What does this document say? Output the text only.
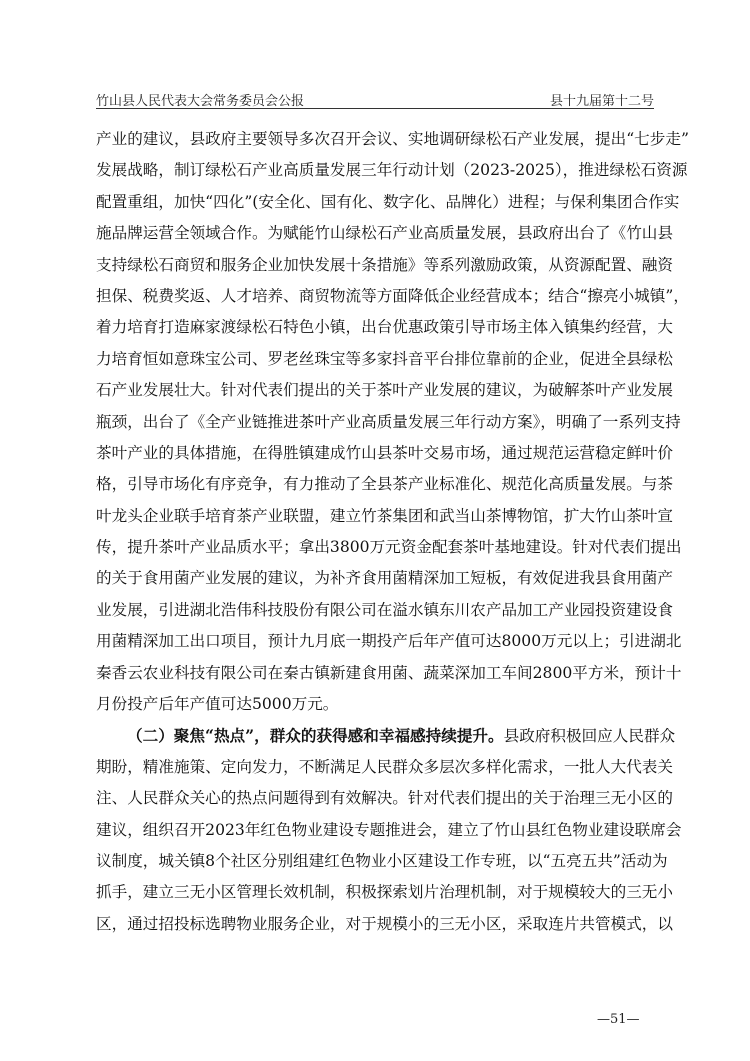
竹山县人民代表大会常务委员会公报	县十九届第十二号
产业的建议，县政府主要领导多次召开会议、实地调研绿松石产业发展，提出“七步走”
发展战略，制订绿松石产业高质量发展三年行动计划（2023-2025），推进绿松石资源
配置重组，加快“四化”(安全化、国有化、数字化、品牌化）进程；与保利集团合作实
施品牌运营全领域合作。为赋能竹山绿松石产业高质量发展，县政府出台了《竹山县
支持绿松石商贸和服务企业加快发展十条措施》等系列激励政策，从资源配置、融资
担保、税费奖返、人才培养、商贸物流等方面降低企业经营成本；结合“擦亮小城镇”，
着力培育打造麻家渡绿松石特色小镇，出台优惠政策引导市场主体入镇集约经营，大
力培育恒如意珠宝公司、罗老丝珠宝等多家抖音平台排位靠前的企业，促进全县绿松
石产业发展壮大。针对代表们提出的关于茶叶产业发展的建议，为破解茶叶产业发展
瓶颈，出台了《全产业链推进茶叶产业高质量发展三年行动方案》，明确了一系列支持
茶叶产业的具体措施，在得胜镇建成竹山县茶叶交易市场，通过规范运营稳定鲜叶价
格，引导市场化有序竞争，有力推动了全县茶产业标准化、规范化高质量发展。与茶
叶龙头企业联手培育茶产业联盟，建立竹茶集团和武当山茶博物馆，扩大竹山茶叶宣
传，提升茶叶产业品质水平；拿出3800万元资金配套茶叶基地建设。针对代表们提出
的关于食用菌产业发展的建议，为补齐食用菌精深加工短板，有效促进我县食用菌产
业发展，引进湖北浩伟科技股份有限公司在溢水镇东川农产品加工产业园投资建设食
用菌精深加工出口项目，预计九月底一期投产后年产值可达8000万元以上；引进湖北
秦香云农业科技有限公司在秦古镇新建食用菌、蔬菜深加工车间2800平方米，预计十
月份投产后年产值可达5000万元。
（二）聚焦“热点”，群众的获得感和幸福感持续提升。县政府积极回应人民群众
期盼，精准施策、定向发力，不断满足人民群众多层次多样化需求，一批人大代表关
注、人民群众关心的热点问题得到有效解决。针对代表们提出的关于治理三无小区的
建议，组织召开2023年红色物业建设专题推进会，建立了竹山县红色物业建设联席会
议制度，城关镇8个社区分别组建红色物业小区建设工作专班，以“五亮五共”活动为
抓手，建立三无小区管理长效机制，积极探索划片治理机制，对于规模较大的三无小
区，通过招投标选聘物业服务企业，对于规模小的三无小区，采取连片共管模式，以
—51—
